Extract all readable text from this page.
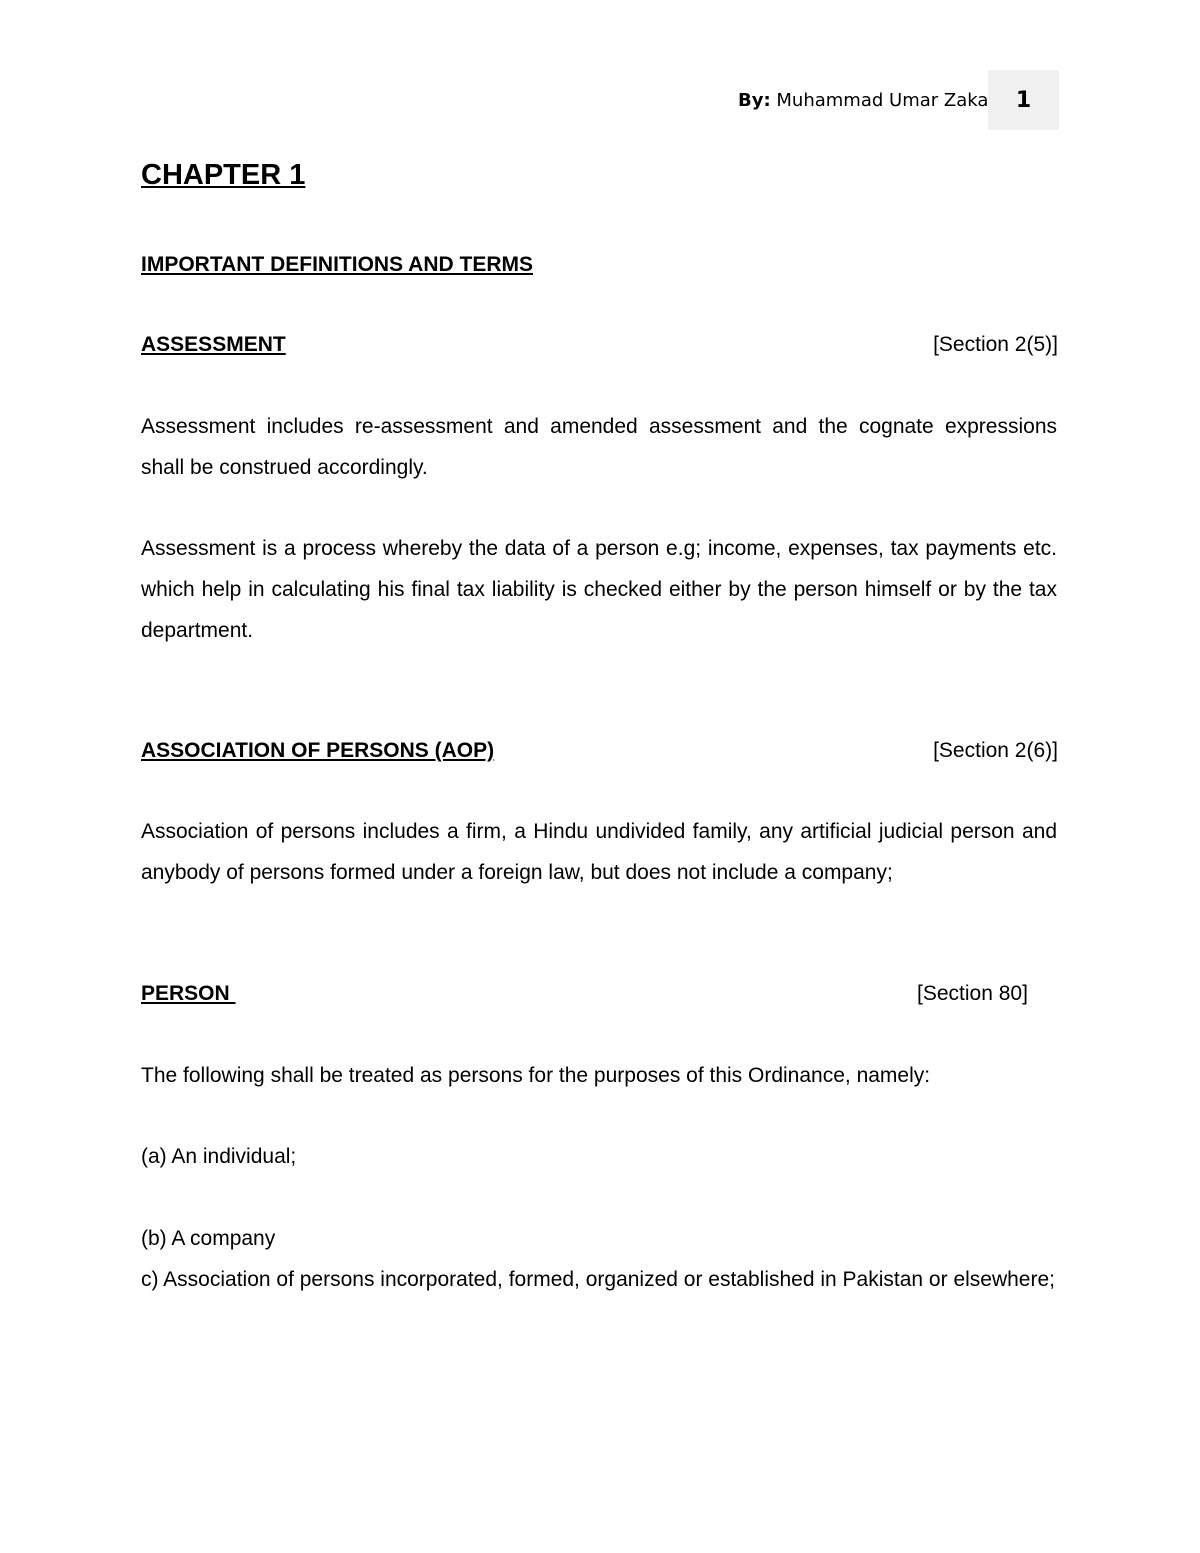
By: Muhammad Umar Zaka 1
CHAPTER 1
IMPORTANT DEFINITIONS AND TERMS
ASSESSMENT	[Section 2(5)]
Assessment includes re-assessment and amended assessment and the cognate expressions shall be construed accordingly.
Assessment is a process whereby the data of a person e.g; income, expenses, tax payments etc. which help in calculating his final tax liability is checked either by the person himself or by the tax department.
ASSOCIATION OF PERSONS (AOP)	[Section 2(6)]
Association of persons includes a firm, a Hindu undivided family, any artificial judicial person and anybody of persons formed under a foreign law, but does not include a company;
PERSON	[Section 80]
The following shall be treated as persons for the purposes of this Ordinance, namely:
(a) An individual;
(b) A company
c) Association of persons incorporated, formed, organized or established in Pakistan or elsewhere;
